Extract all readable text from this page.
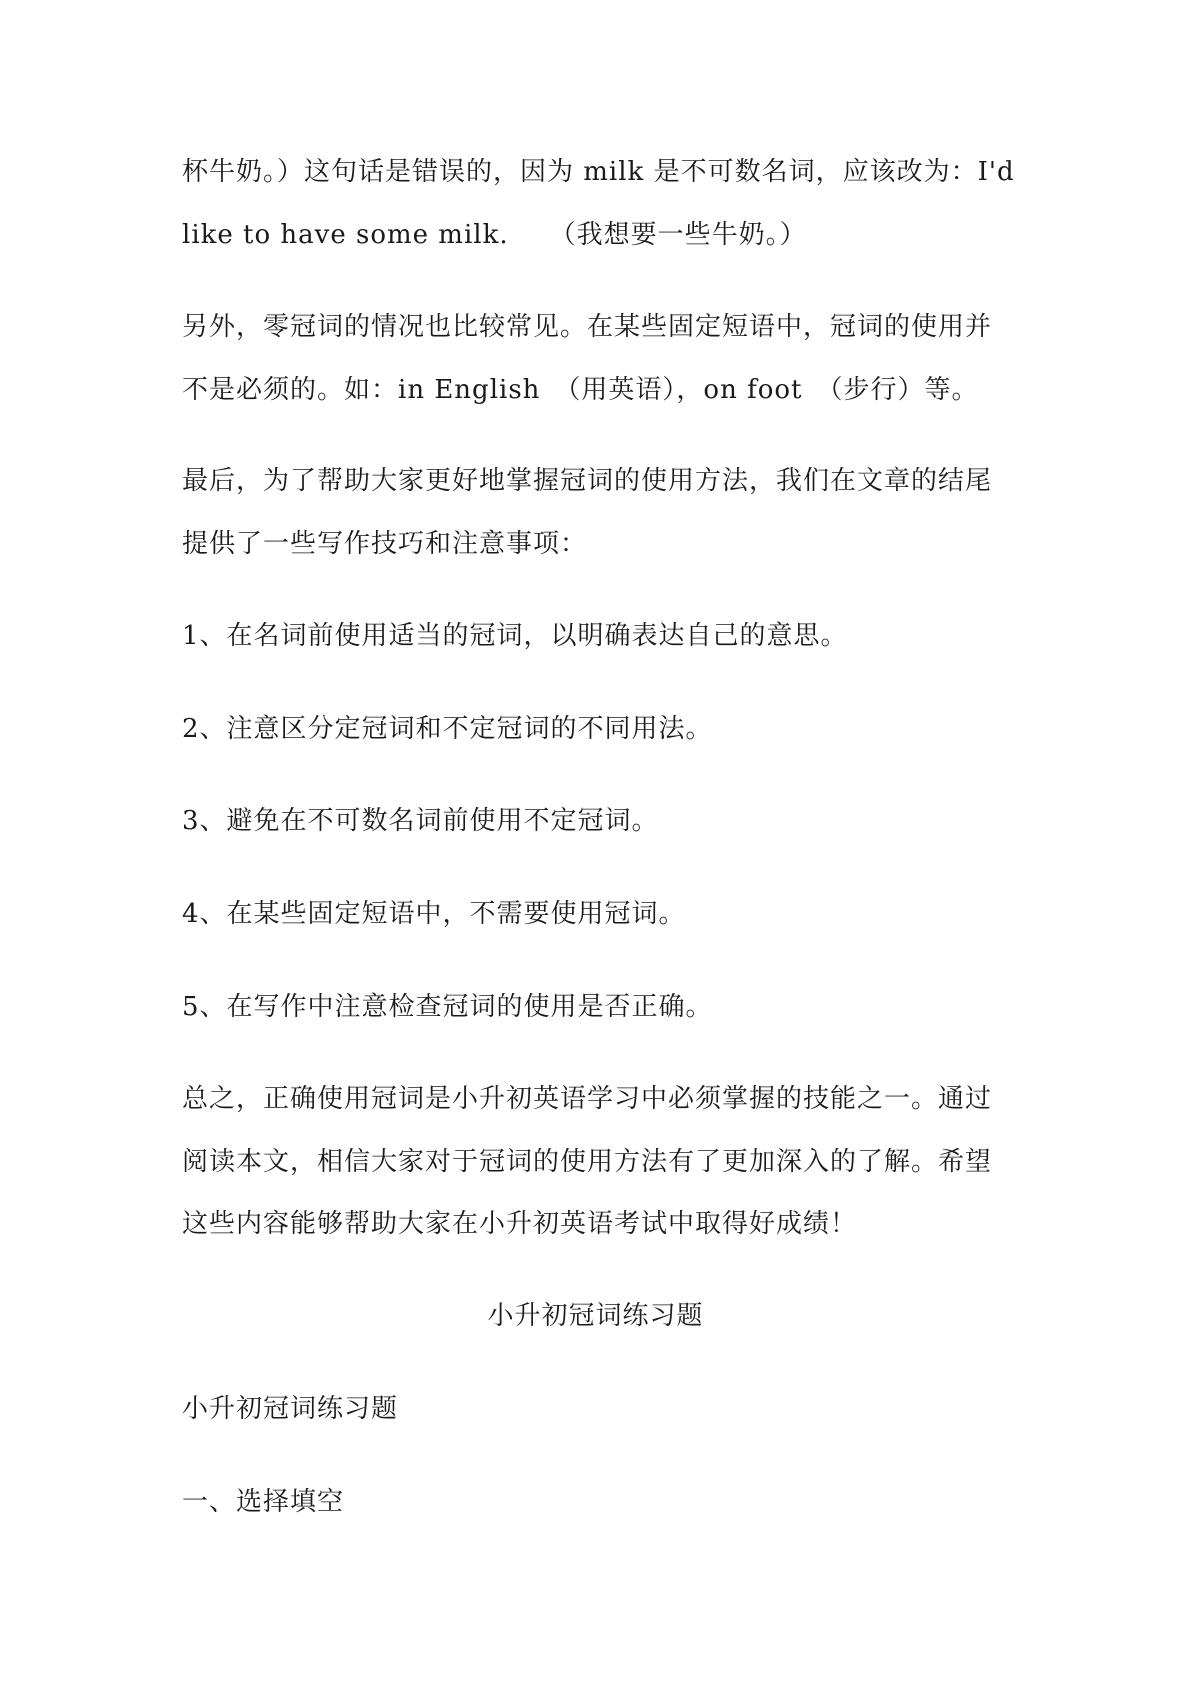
杯牛奶。）这句话是错误的，因为 milk 是不可数名词，应该改为：I'd
like to have some milk.　　（我想要一些牛奶。）
另外，零冠词的情况也比较常见。在某些固定短语中，冠词的使用并
不是必须的。如：in English　（用英语），on foot　（步行）等。
最后，为了帮助大家更好地掌握冠词的使用方法，我们在文章的结尾
提供了一些写作技巧和注意事项：
1、在名词前使用适当的冠词，以明确表达自己的意思。
2、注意区分定冠词和不定冠词的不同用法。
3、避免在不可数名词前使用不定冠词。
4、在某些固定短语中，不需要使用冠词。
5、在写作中注意检查冠词的使用是否正确。
总之，正确使用冠词是小升初英语学习中必须掌握的技能之一。通过
阅读本文，相信大家对于冠词的使用方法有了更加深入的了解。希望
这些内容能够帮助大家在小升初英语考试中取得好成绩！
小升初冠词练习题
小升初冠词练习题
一、选择填空
